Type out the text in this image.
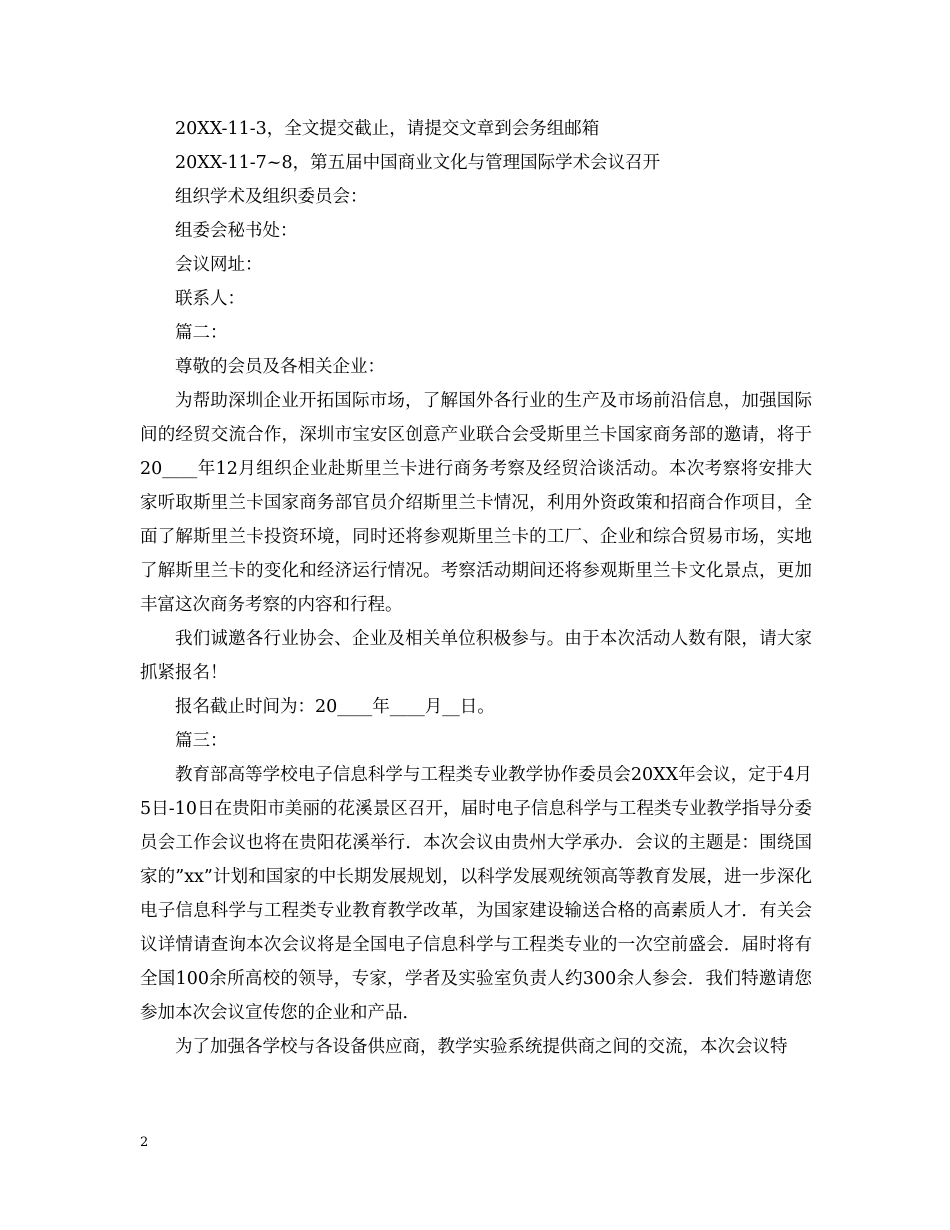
20XX-11-3，全文提交截止，请提交文章到会务组邮箱

20XX-11-7~8，第五届中国商业文化与管理国际学术会议召开

组织学术及组织委员会：

组委会秘书处：

会议网址：

联系人：

篇二：

尊敬的会员及各相关企业：

为帮助深圳企业开拓国际市场，了解国外各行业的生产及市场前沿信息，加强国际间的经贸交流合作，深圳市宝安区创意产业联合会受斯里兰卡国家商务部的邀请，将于20____年12月组织企业赴斯里兰卡进行商务考察及经贸洽谈活动。本次考察将安排大家听取斯里兰卡国家商务部官员介绍斯里兰卡情况，利用外资政策和招商合作项目，全面了解斯里兰卡投资环境，同时还将参观斯里兰卡的工厂、企业和综合贸易市场，实地了解斯里兰卡的变化和经济运行情况。考察活动期间还将参观斯里兰卡文化景点，更加丰富这次商务考察的内容和行程。

我们诚邀各行业协会、企业及相关单位积极参与。由于本次活动人数有限，请大家抓紧报名！

报名截止时间为：20____年____月__日。

篇三：

教育部高等学校电子信息科学与工程类专业教学协作委员会20XX年会议，定于4月5日-10日在贵阳市美丽的花溪景区召开，届时电子信息科学与工程类专业教学指导分委员会工作会议也将在贵阳花溪举行．本次会议由贵州大学承办．会议的主题是：围绕国家的”xx”计划和国家的中长期发展规划，以科学发展观统领高等教育发展，进一步深化电子信息科学与工程类专业教育教学改革，为国家建设输送合格的高素质人才．有关会议详情请查询本次会议将是全国电子信息科学与工程类专业的一次空前盛会．届时将有全国100余所高校的领导，专家，学者及实验室负责人约300余人参会．我们特邀请您参加本次会议宣传您的企业和产品．

为了加强各学校与各设备供应商，教学实验系统提供商之间的交流，本次会议特

2
